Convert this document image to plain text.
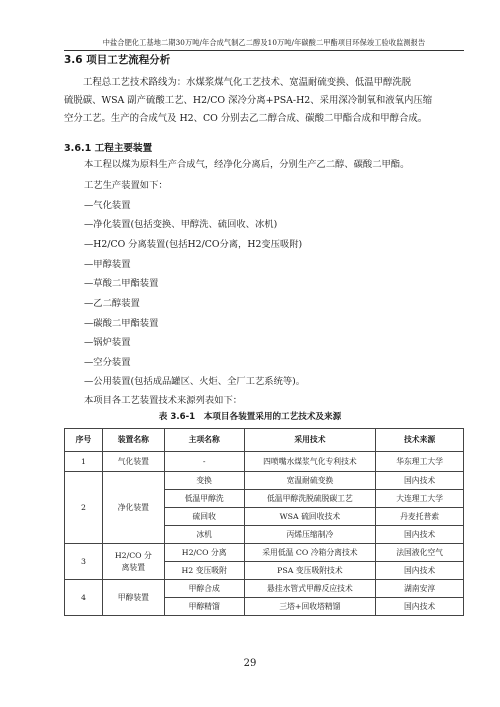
中盐合肥化工基地二期30万吨/年合成气制乙二醇及10万吨/年碳酸二甲酯项目环保竣工验收监测报告
3.6 项目工艺流程分析
工程总工艺技术路线为：水煤浆煤气化工艺技术、宽温耐硫变换、低温甲醇洗脱
硫脱碳、WSA 副产硫酸工艺、H2/CO 深冷分离+PSA-H2、采用深冷制氧和液氧内压缩
空分工艺。生产的合成气及 H2、CO 分别去乙二醇合成、碳酸二甲酯合成和甲醇合成。
3.6.1 工程主要装置
本工程以煤为原料生产合成气，经净化分离后，分别生产乙二醇、碳酸二甲酯。
工艺生产装置如下：
—气化装置
—净化装置(包括变换、甲醇洗、硫回收、冰机)
—H2/CO 分离装置(包括H2/CO分离，H2变压吸附)
—甲醇装置
—草酸二甲酯装置
—乙二醇装置
—碳酸二甲酯装置
—锅炉装置
—空分装置
—公用装置(包括成品罐区、火炬、全厂工艺系统等)。
本项目各工艺装置技术来源列表如下：
表 3.6-1　本项目各装置采用的工艺技术及来源
序号	装置名称	主项名称	采用技术	技术来源
1	气化装置	-	四喷嘴水煤浆气化专利技术	华东理工大学
2	净化装置	变换	宽温耐硫变换	国内技术
		低温甲醇洗	低温甲醇洗脱硫脱碳工艺	大连理工大学
		硫回收	WSA 硫回收技术	丹麦托普索
		冰机	丙烯压缩制冷	国内技术
3	H2/CO 分
离装置	H2/CO 分离	采用低温 CO 冷箱分离技术	法国液化空气
		H2 变压吸附	PSA 变压吸附技术	国内技术
4	甲醇装置	甲醇合成	悬挂水管式甲醇反应技术	湖南安淳
		甲醇精馏	三塔+回收塔精馏	国内技术
29
